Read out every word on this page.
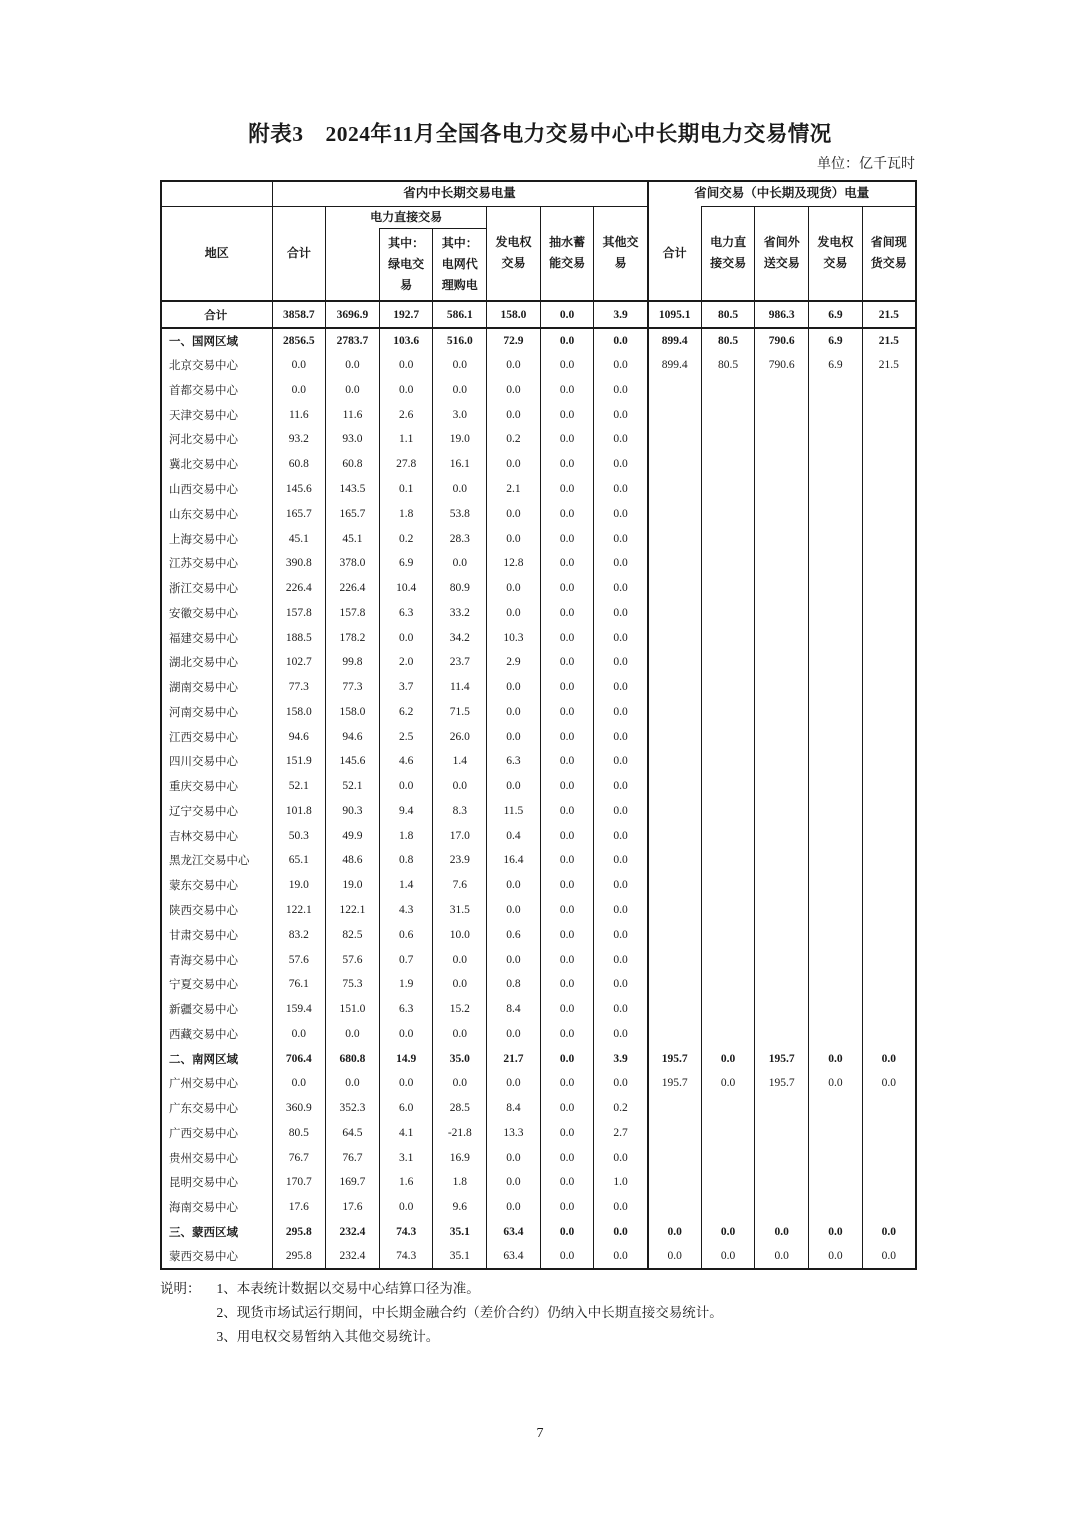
附表3　2024年11月全国各电力交易中心中长期电力交易情况
单位：亿千瓦时
	省内中长期交易电量							省间交易（中长期及现货）电量				
地区	合计	电力直接交易			发电权交易	抽水蓄能交易	其他交易	合计	电力直接交易	省间外送交易	发电权交易	省间现货交易
			其中：绿电交易	其中：电网代理购电								
合计	3858.7	3696.9	192.7	586.1	158.0	0.0	3.9	1095.1	80.5	986.3	6.9	21.5
一、国网区域	2856.5	2783.7	103.6	516.0	72.9	0.0	0.0	899.4	80.5	790.6	6.9	21.5
北京交易中心	0.0	0.0	0.0	0.0	0.0	0.0	0.0	899.4	80.5	790.6	6.9	21.5
首都交易中心	0.0	0.0	0.0	0.0	0.0	0.0	0.0					
天津交易中心	11.6	11.6	2.6	3.0	0.0	0.0	0.0					
河北交易中心	93.2	93.0	1.1	19.0	0.2	0.0	0.0					
冀北交易中心	60.8	60.8	27.8	16.1	0.0	0.0	0.0					
山西交易中心	145.6	143.5	0.1	0.0	2.1	0.0	0.0					
山东交易中心	165.7	165.7	1.8	53.8	0.0	0.0	0.0					
上海交易中心	45.1	45.1	0.2	28.3	0.0	0.0	0.0					
江苏交易中心	390.8	378.0	6.9	0.0	12.8	0.0	0.0					
浙江交易中心	226.4	226.4	10.4	80.9	0.0	0.0	0.0					
安徽交易中心	157.8	157.8	6.3	33.2	0.0	0.0	0.0					
福建交易中心	188.5	178.2	0.0	34.2	10.3	0.0	0.0					
湖北交易中心	102.7	99.8	2.0	23.7	2.9	0.0	0.0					
湖南交易中心	77.3	77.3	3.7	11.4	0.0	0.0	0.0					
河南交易中心	158.0	158.0	6.2	71.5	0.0	0.0	0.0					
江西交易中心	94.6	94.6	2.5	26.0	0.0	0.0	0.0					
四川交易中心	151.9	145.6	4.6	1.4	6.3	0.0	0.0					
重庆交易中心	52.1	52.1	0.0	0.0	0.0	0.0	0.0					
辽宁交易中心	101.8	90.3	9.4	8.3	11.5	0.0	0.0					
吉林交易中心	50.3	49.9	1.8	17.0	0.4	0.0	0.0					
黑龙江交易中心	65.1	48.6	0.8	23.9	16.4	0.0	0.0					
蒙东交易中心	19.0	19.0	1.4	7.6	0.0	0.0	0.0					
陕西交易中心	122.1	122.1	4.3	31.5	0.0	0.0	0.0					
甘肃交易中心	83.2	82.5	0.6	10.0	0.6	0.0	0.0					
青海交易中心	57.6	57.6	0.7	0.0	0.0	0.0	0.0					
宁夏交易中心	76.1	75.3	1.9	0.0	0.8	0.0	0.0					
新疆交易中心	159.4	151.0	6.3	15.2	8.4	0.0	0.0					
西藏交易中心	0.0	0.0	0.0	0.0	0.0	0.0	0.0					
二、南网区域	706.4	680.8	14.9	35.0	21.7	0.0	3.9	195.7	0.0	195.7	0.0	0.0
广州交易中心	0.0	0.0	0.0	0.0	0.0	0.0	0.0	195.7	0.0	195.7	0.0	0.0
广东交易中心	360.9	352.3	6.0	28.5	8.4	0.0	0.2					
广西交易中心	80.5	64.5	4.1	-21.8	13.3	0.0	2.7					
贵州交易中心	76.7	76.7	3.1	16.9	0.0	0.0	0.0					
昆明交易中心	170.7	169.7	1.6	1.8	0.0	0.0	1.0					
海南交易中心	17.6	17.6	0.0	9.6	0.0	0.0	0.0					
三、蒙西区域	295.8	232.4	74.3	35.1	63.4	0.0	0.0	0.0	0.0	0.0	0.0	0.0
蒙西交易中心	295.8	232.4	74.3	35.1	63.4	0.0	0.0	0.0	0.0	0.0	0.0	0.0
说明： 1、本表统计数据以交易中心结算口径为准。
2、现货市场试运行期间，中长期金融合约（差价合约）仍纳入中长期直接交易统计。
3、用电权交易暂纳入其他交易统计。
7
